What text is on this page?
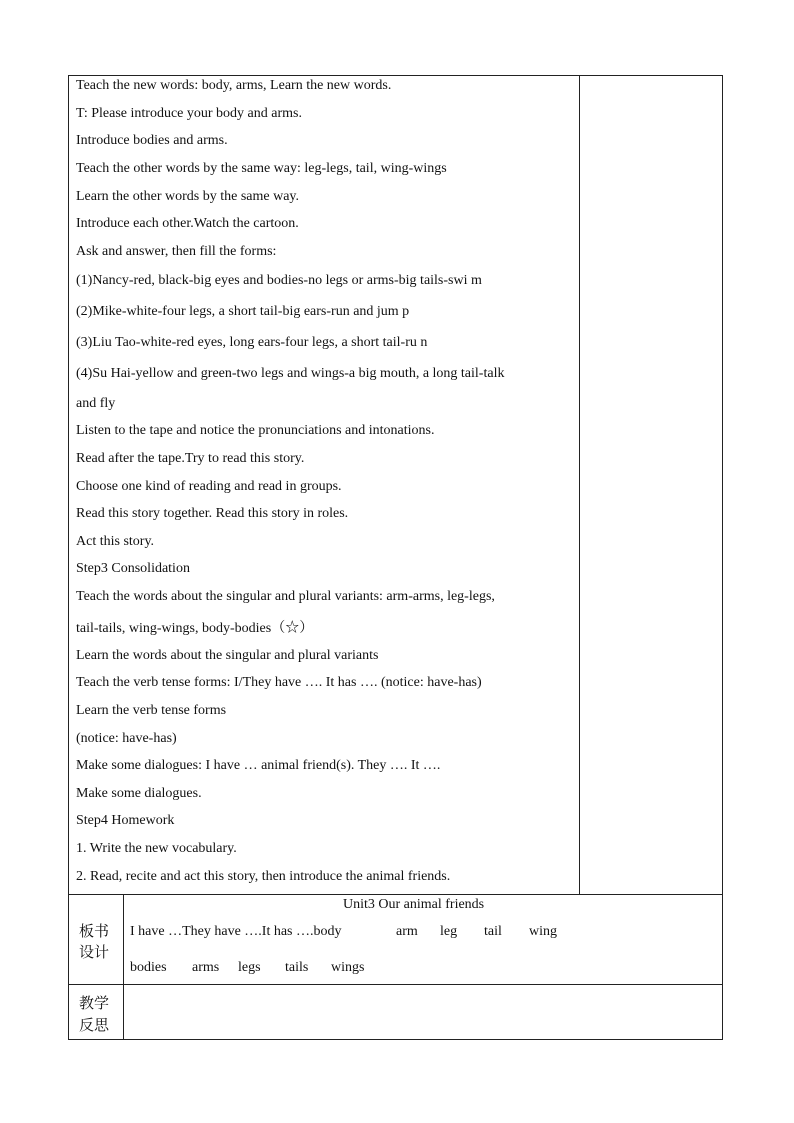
Teach the new words: body, arms, Learn the new words.
T: Please introduce your body and arms.
Introduce bodies and arms.
Teach the other words by the same way: leg-legs, tail, wing-wings
Learn the other words by the same way.
Introduce each other.Watch the cartoon.
Ask and answer, then fill the forms:
(1)Nancy-red, black-big eyes and bodies-no legs or arms-big tails-swi m
(2)Mike-white-four legs, a short tail-big ears-run and jum p
(3)Liu Tao-white-red eyes, long ears-four legs, a short tail-ru n
(4)Su Hai-yellow and green-two legs and wings-a big mouth, a long tail-talk
and fly
Listen to the tape and notice the pronunciations and intonations.
Read after the tape.Try to read this story.
Choose one kind of reading and read in groups.
Read this story together. Read this story in roles.
Act this story.
Step3 Consolidation
Teach the words about the singular and plural variants: arm-arms, leg-legs,
tail-tails, wing-wings, body-bodies（☆）
Learn the words about the singular and plural variants
Teach the verb tense forms: I/They have …. It has …. (notice: have-has)
Learn the verb tense forms
(notice: have-has)
Make some dialogues: I have … animal friend(s). They …. It ….
Make some dialogues.
Step4 Homework
1. Write the new vocabulary.
2. Read, recite and act this story, then introduce the animal friends.
板书
设计
Unit3 Our animal friends
I have …They have ….It has ….body	arm leg tail wing
bodies arms legs tails wings
教学
反思
